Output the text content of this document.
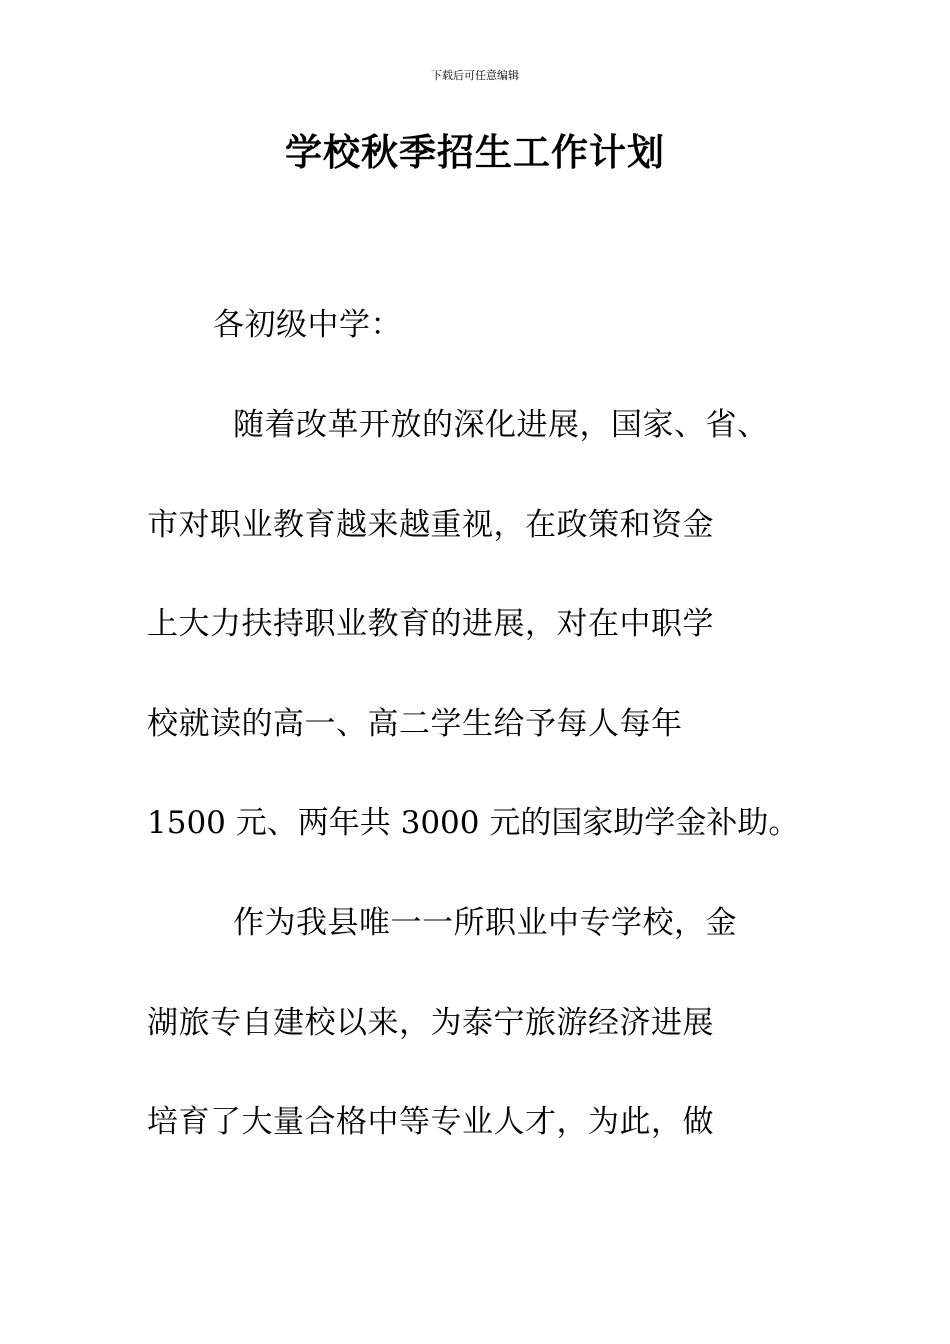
下载后可任意编辑
学校秋季招生工作计划
各初级中学：
随着改革开放的深化进展，国家、省、
市对职业教育越来越重视，在政策和资金
上大力扶持职业教育的进展，对在中职学
校就读的高一、高二学生给予每人每年
1500 元、两年共 3000 元的国家助学金补助。
作为我县唯一一所职业中专学校，金
湖旅专自建校以来，为泰宁旅游经济进展
培育了大量合格中等专业人才，为此，做
